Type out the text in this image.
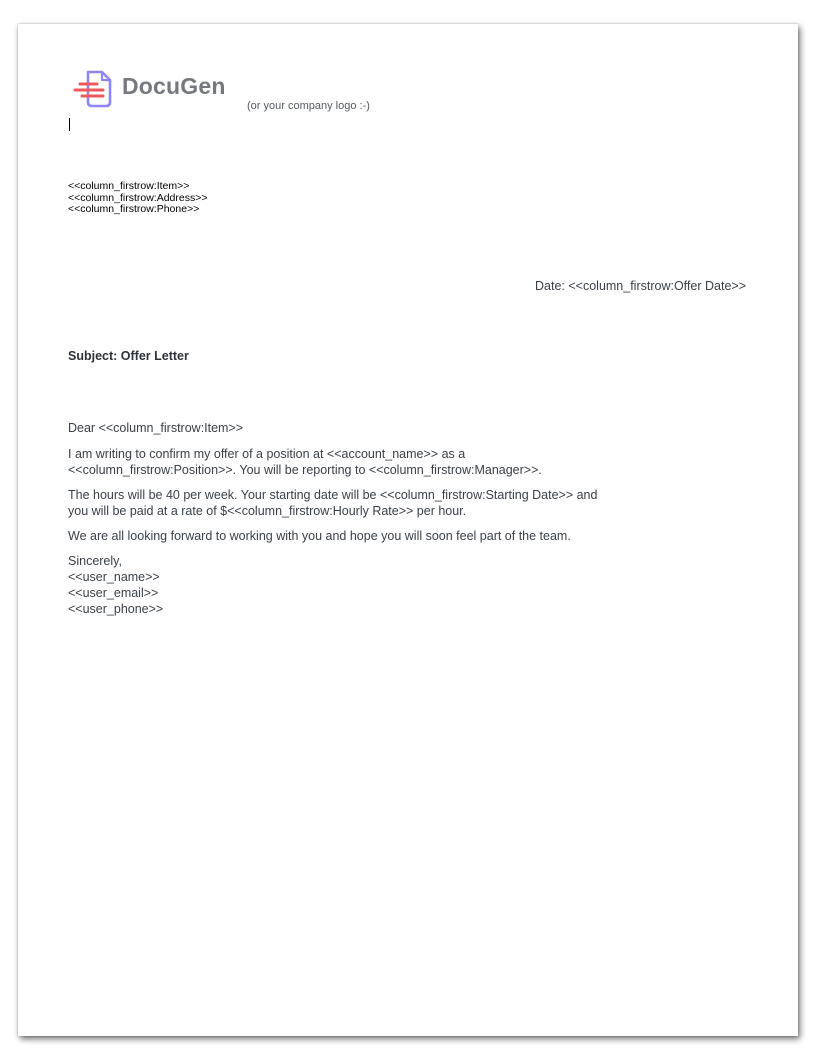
DocuGen
(or your company logo :-)
<<column_firstrow:Item>>
<<column_firstrow:Address>>
<<column_firstrow:Phone>>
Date: <<column_firstrow:Offer Date>>
Subject: Offer Letter

Dear <<column_firstrow:Item>>

I am writing to confirm my offer of a position at <<account_name>> as a
<<column_firstrow:Position>>. You will be reporting to <<column_firstrow:Manager>>.

The hours will be 40 per week. Your starting date will be <<column_firstrow:Starting Date>> and
you will be paid at a rate of $<<column_firstrow:Hourly Rate>> per hour.

We are all looking forward to working with you and hope you will soon feel part of the team.

Sincerely,
<<user_name>>
<<user_email>>
<<user_phone>>
